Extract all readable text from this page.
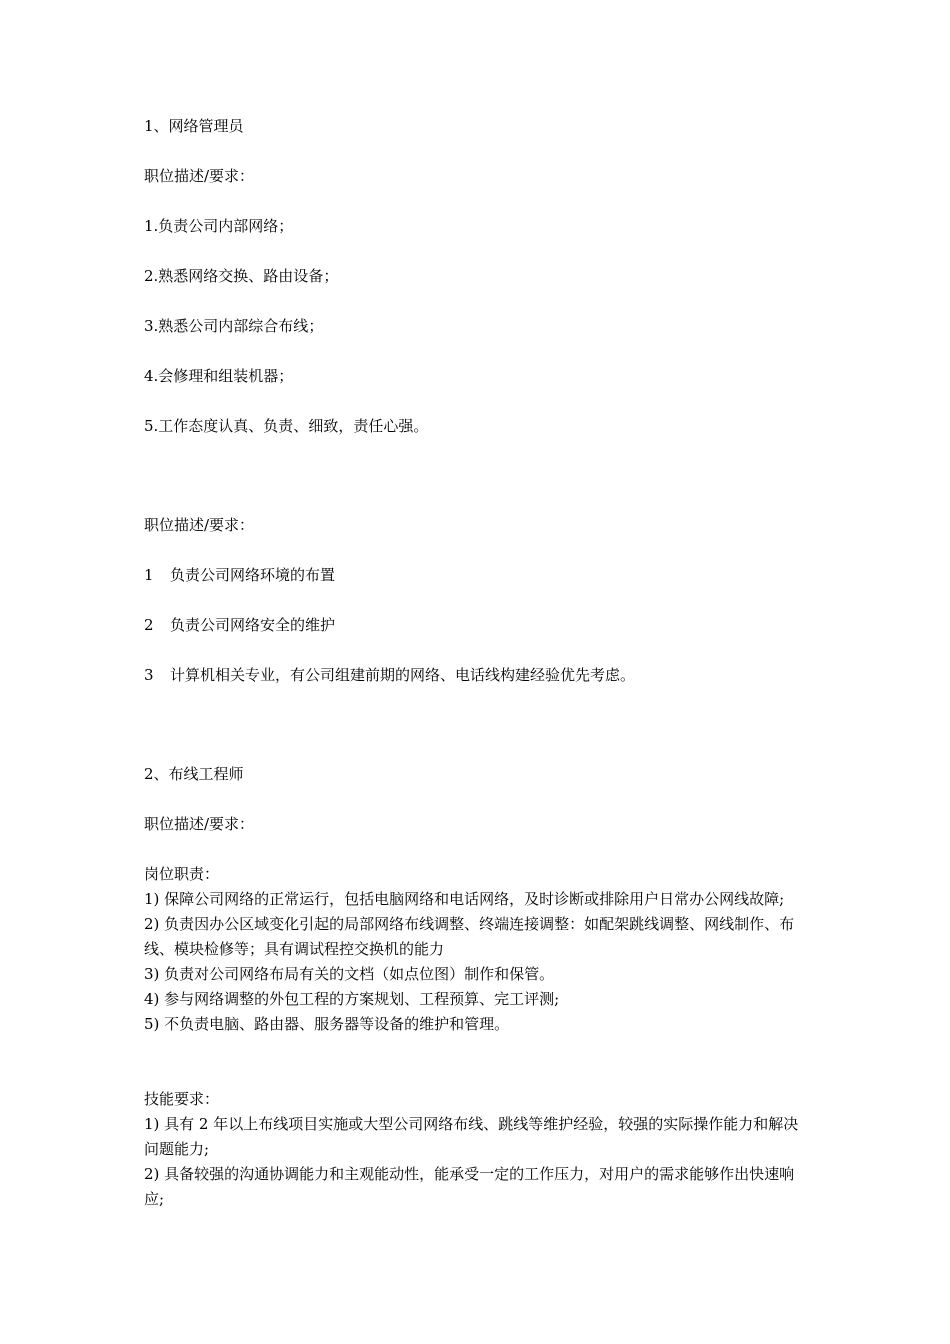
1、网络管理员
职位描述/要求：
1.负责公司内部网络；
2.熟悉网络交换、路由设备；
3.熟悉公司内部综合布线；
4.会修理和组装机器；
5.工作态度认真、负责、细致，责任心强。
职位描述/要求：
1 负责公司网络环境的布置
2 负责公司网络安全的维护
3 计算机相关专业，有公司组建前期的网络、电话线构建经验优先考虑。
2、布线工程师
职位描述/要求：

岗位职责：

1) 保障公司网络的正常运行，包括电脑网络和电话网络，及时诊断或排除用户日常办公网线故障;

2) 负责因办公区域变化引起的局部网络布线调整、终端连接调整：如配架跳线调整、网线制作、布线、模块检修等；具有调试程控交换机的能力

3) 负责对公司网络布局有关的文档（如点位图）制作和保管。

4) 参与网络调整的外包工程的方案规划、工程预算、完工评测;

5) 不负责电脑、路由器、服务器等设备的维护和管理。

技能要求：

1) 具有 2 年以上布线项目实施或大型公司网络布线、跳线等维护经验，较强的实际操作能力和解决问题能力;

2) 具备较强的沟通协调能力和主观能动性，能承受一定的工作压力，对用户的需求能够作出快速响应;
